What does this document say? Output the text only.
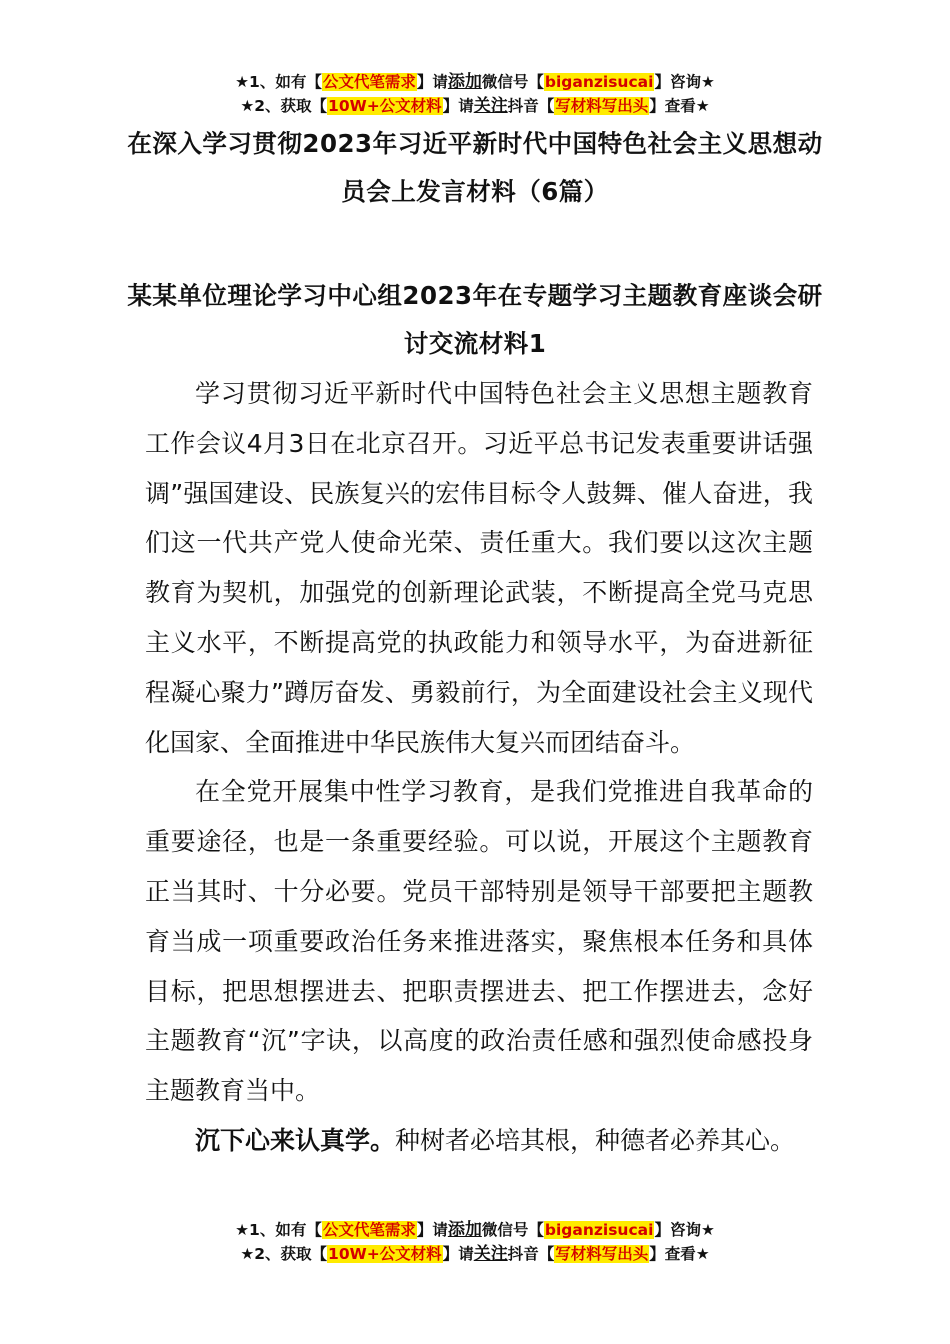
★1、如有【公文代笔需求】请添加微信号【biganzisucai】咨询★
★2、获取【10W+公文材料】请关注抖音【写材料写出头】查看★
在深入学习贯彻2023年习近平新时代中国特色社会主义思想动员会上发言材料（6篇）
某某单位理论学习中心组2023年在专题学习主题教育座谈会研讨交流材料1

学习贯彻习近平新时代中国特色社会主义思想主题教育工作会议4月3日在北京召开。习近平总书记发表重要讲话强调”强国建设、民族复兴的宏伟目标令人鼓舞、催人奋进，我们这一代共产党人使命光荣、责任重大。我们要以这次主题教育为契机，加强党的创新理论武装，不断提高全党马克思主义水平，不断提高党的执政能力和领导水平，为奋进新征程凝心聚力”蹲厉奋发、勇毅前行，为全面建设社会主义现代化国家、全面推进中华民族伟大复兴而团结奋斗。

在全党开展集中性学习教育，是我们党推进自我革命的重要途径，也是一条重要经验。可以说，开展这个主题教育正当其时、十分必要。党员干部特别是领导干部要把主题教育当成一项重要政治任务来推进落实，聚焦根本任务和具体目标，把思想摆进去、把职责摆进去、把工作摆进去，念好主题教育“沉”字诀，以高度的政治责任感和强烈使命感投身主题教育当中。

沉下心来认真学。种树者必培其根，种德者必养其心。

★1、如有【公文代笔需求】请添加微信号【biganzisucai】咨询★
★2、获取【10W+公文材料】请关注抖音【写材料写出头】查看★
